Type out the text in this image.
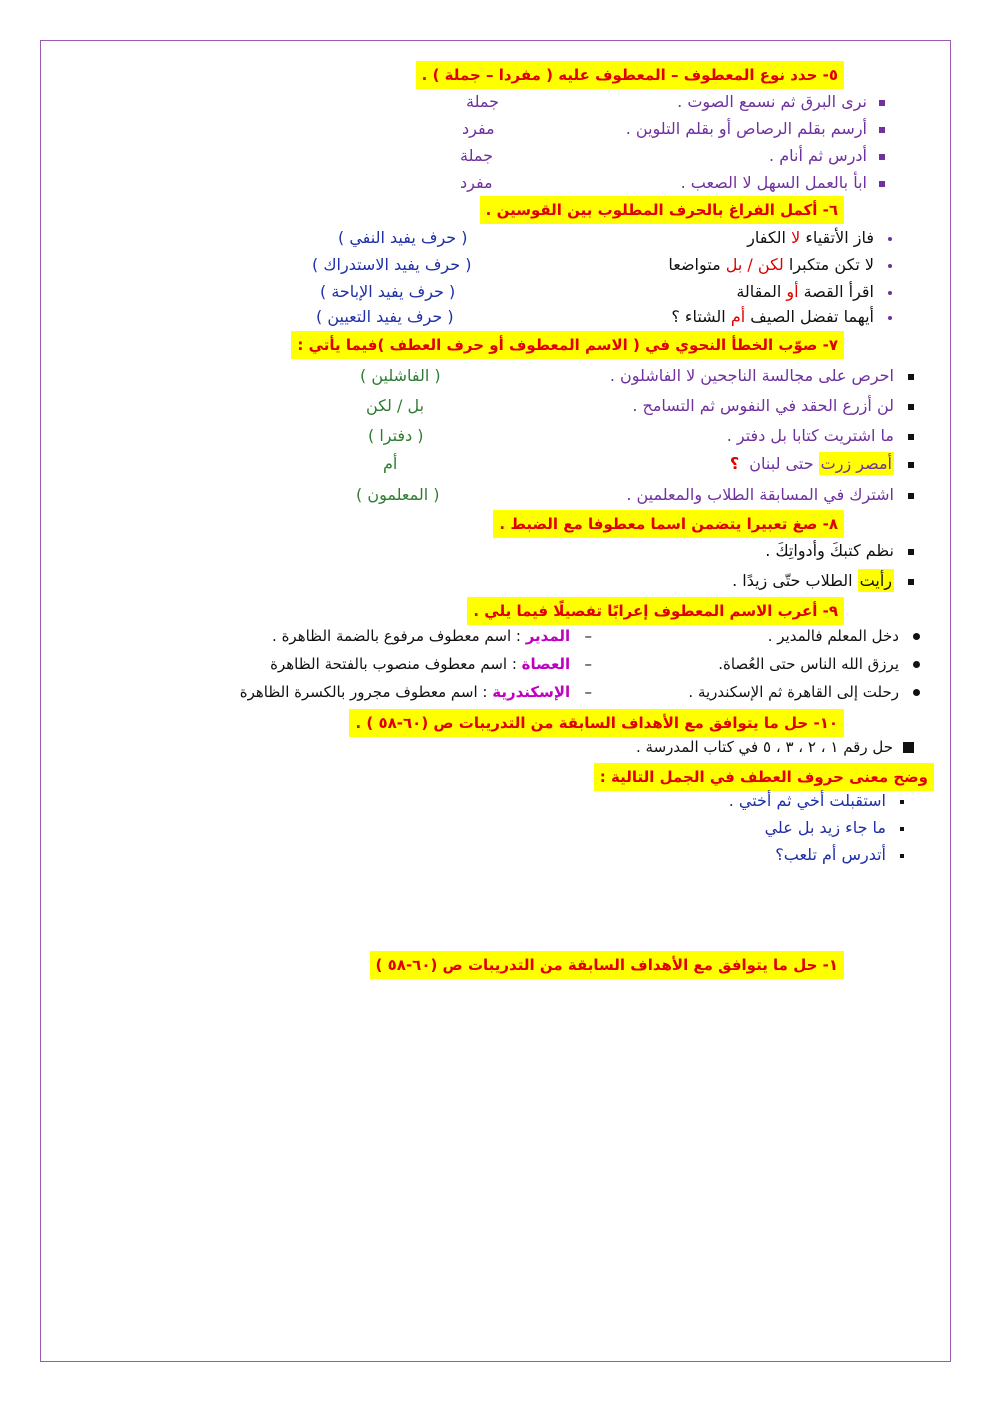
٥- حدد نوع المعطوف – المعطوف عليه ( مفردا – جملة ) .
نرى البرق ثم نسمع الصوت .
جملة
أرسم بقلم الرصاص أو بقلم التلوين .
مفرد
أدرس ثم أنام .
جملة
ابأ بالعمل السهل لا الصعب .
مفرد
٦- أكمل الفراغ بالحرف المطلوب بين القوسين .
فاز الأتقياء لا الكفار
( حرف يفيد النفي )
لا تكن متكبرا لكن / بل متواضعا
( حرف يفيد الاستدراك )
اقرأ القصة أو المقالة
( حرف يفيد الإباحة )
أيهما تفضل الصيف أم الشتاء ؟
( حرف يفيد التعيين )
٧- صوّب الخطأ النحوي في ( الاسم المعطوف أو حرف العطف )فيما يأتي :
احرص على مجالسة الناجحين لا الفاشلون .
( الفاشلين )
لن أزرع الحقد في النفوس ثم التسامح .
بل / لكن
ما اشتريت كتابا بل دفتر .
( دفترا )
أمصر زرت حتى لبنان  ؟
أم
اشترك في المسابقة الطلاب والمعلمين .
( المعلمون )
٨- صغ تعبيرا يتضمن اسما معطوفا مع الضبط .
نظم كتبكَ وأدواتِكَ .
رأيت الطلاب حتّى زيدًا .
٩- أعرب الاسم المعطوف إعرابًا تفصيلًا فيما يلي .
دخل المعلم فالمدير .
–   المدير : اسم معطوف مرفوع بالضمة الظاهرة .
يرزق الله الناس حتى العُصاة.
–   العصاة : اسم معطوف منصوب بالفتحة الظاهرة
رحلت إلى القاهرة ثم الإسكندرية .
–   الإسكندرية : اسم معطوف مجرور بالكسرة الظاهرة
١٠- حل ما يتوافق مع الأهداف السابقة من التدريبات ص (٦٠-٥٨ ) .
حل رقم ١ ، ٢ ، ٣ ، ٥ في كتاب المدرسة .
وضح معنى حروف العطف في الجمل التالية :
استقبلت أخي ثم أختي .
ما جاء زيد بل علي
أتدرس أم تلعب؟
١- حل ما يتوافق مع الأهداف السابقة من التدريبات ص (٦٠-٥٨ )
